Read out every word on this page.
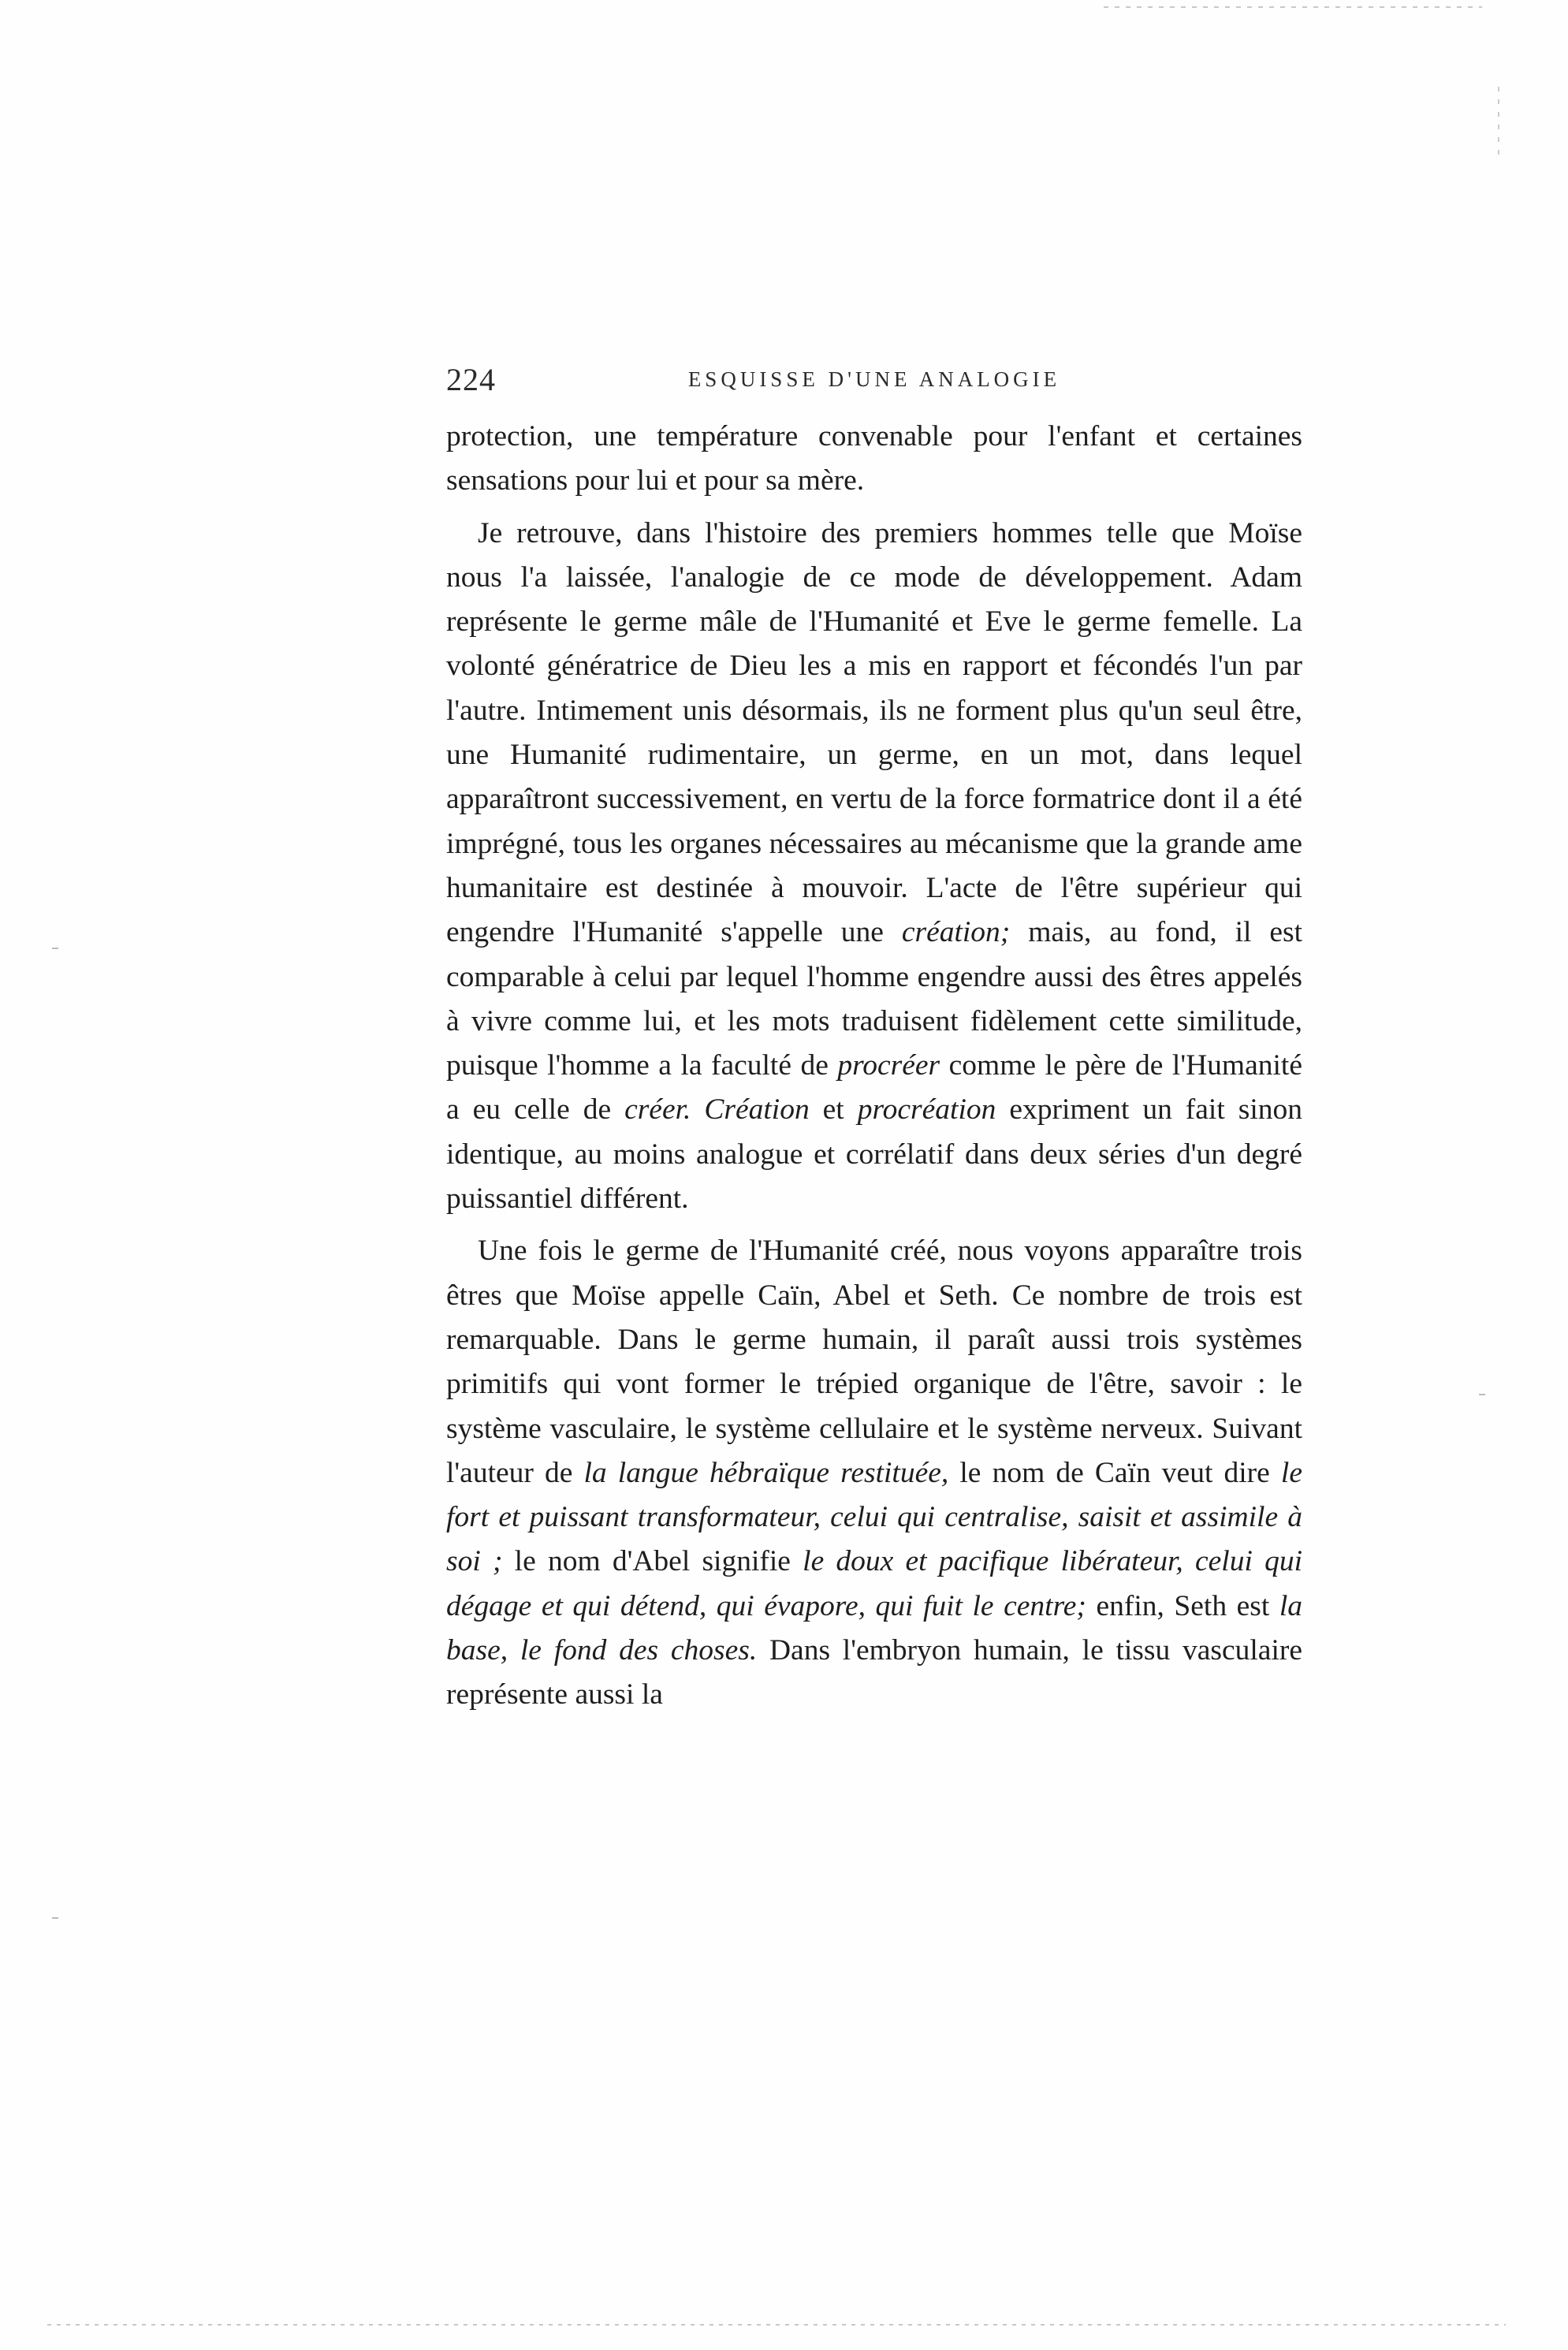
224	ESQUISSE D'UNE ANALOGIE

protection, une température convenable pour l'enfant et certaines sensations pour lui et pour sa mère.

Je retrouve, dans l'histoire des premiers hommes telle que Moïse nous l'a laissée, l'analogie de ce mode de développement. Adam représente le germe mâle de l'Humanité et Eve le germe femelle. La volonté génératrice de Dieu les a mis en rapport et fécondés l'un par l'autre. Intimement unis désormais, ils ne forment plus qu'un seul être, une Humanité rudimentaire, un germe, en un mot, dans lequel apparaîtront successivement, en vertu de la force formatrice dont il a été imprégné, tous les organes nécessaires au mécanisme que la grande ame humanitaire est destinée à mouvoir. L'acte de l'être supérieur qui engendre l'Humanité s'appelle une création; mais, au fond, il est comparable à celui par lequel l'homme engendre aussi des êtres appelés à vivre comme lui, et les mots traduisent fidèlement cette similitude, puisque l'homme a la faculté de procréer comme le père de l'Humanité a eu celle de créer. Création et procréation expriment un fait sinon identique, au moins analogue et corrélatif dans deux séries d'un degré puissantiel différent.

Une fois le germe de l'Humanité créé, nous voyons apparaître trois êtres que Moïse appelle Caïn, Abel et Seth. Ce nombre de trois est remarquable. Dans le germe humain, il paraît aussi trois systèmes primitifs qui vont former le trépied organique de l'être, savoir : le système vasculaire, le système cellulaire et le système nerveux. Suivant l'auteur de la langue hébraïque restituée, le nom de Caïn veut dire le fort et puissant transformateur, celui qui centralise, saisit et assimile à soi ; le nom d'Abel signifie le doux et pacifique libérateur, celui qui dégage et qui détend, qui évapore, qui fuit le centre; enfin, Seth est la base, le fond des choses. Dans l'embryon humain, le tissu vasculaire représente aussi la
